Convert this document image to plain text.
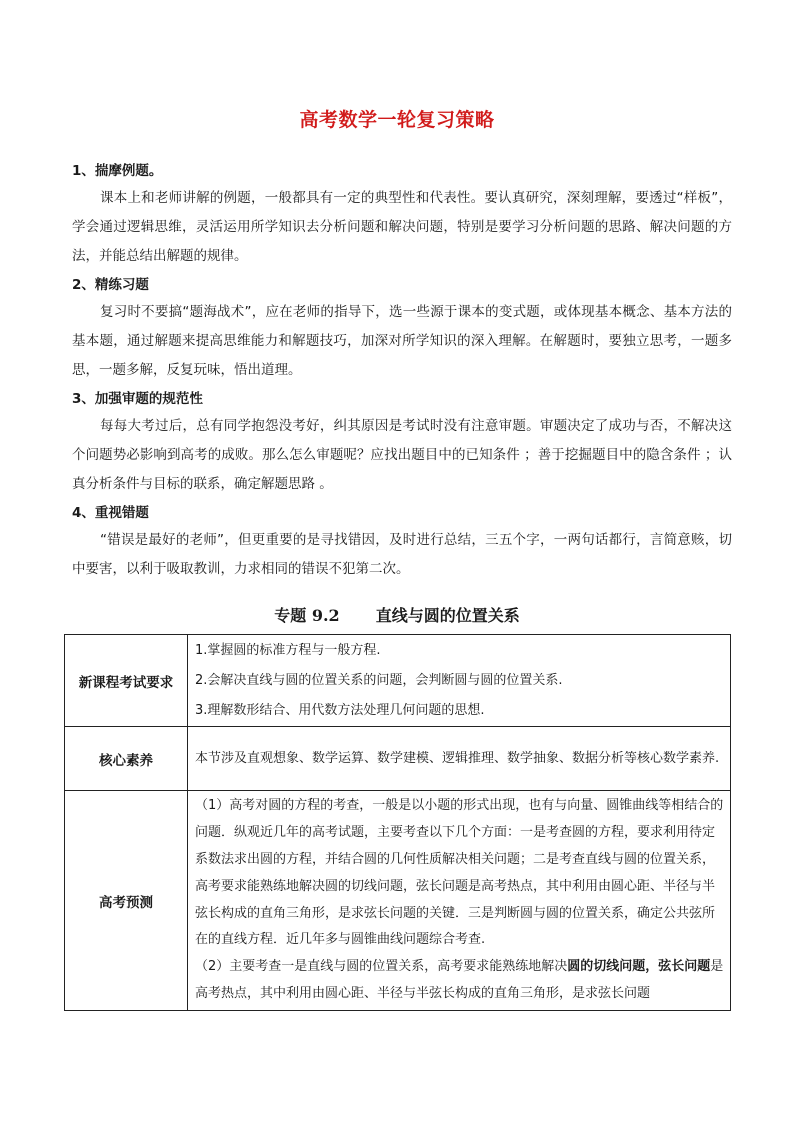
高考数学一轮复习策略
1、揣摩例题。
课本上和老师讲解的例题，一般都具有一定的典型性和代表性。要认真研究，深刻理解，要透过“样板”，学会通过逻辑思维，灵活运用所学知识去分析问题和解决问题，特别是要学习分析问题的思路、解决问题的方法，并能总结出解题的规律。
2、精练习题
复习时不要搞“题海战术”，应在老师的指导下，选一些源于课本的变式题，或体现基本概念、基本方法的基本题，通过解题来提高思维能力和解题技巧，加深对所学知识的深入理解。在解题时，要独立思考，一题多思，一题多解，反复玩味，悟出道理。
3、加强审题的规范性
每每大考过后，总有同学抱怨没考好，纠其原因是考试时没有注意审题。审题决定了成功与否，不解决这个问题势必影响到高考的成败。那么怎么审题呢？应找出题目中的已知条件 ；善于挖掘题目中的隐含条件 ；认真分析条件与目标的联系，确定解题思路 。
4、重视错题
“错误是最好的老师”，但更重要的是寻找错因，及时进行总结，三五个字，一两句话都行，言简意赅，切中要害，以利于吸取教训，力求相同的错误不犯第二次。
专题 9.2 直线与圆的位置关系
新课程考试要求	1.掌握圆的标准方程与一般方程.
2.会解决直线与圆的位置关系的问题，会判断圆与圆的位置关系.
3.理解数形结合、用代数方法处理几何问题的思想.

核心素养	本节涉及直观想象、数学运算、数学建模、逻辑推理、数学抽象、数据分析等核心数学素养.

高考预测	（1）高考对圆的方程的考查，一般是以小题的形式出现，也有与向量、圆锥曲线等相结合的问题．纵观近几年的高考试题，主要考查以下几个方面：一是考查圆的方程，要求利用待定系数法求出圆的方程，并结合圆的几何性质解决相关问题；二是考查直线与圆的位置关系，高考要求能熟练地解决圆的切线问题，弦长问题是高考热点，其中利用由圆心距、半径与半弦长构成的直角三角形，是求弦长问题的关键．三是判断圆与圆的位置关系，确定公共弦所在的直线方程．近几年多与圆锥曲线问题综合考查.
（2）主要考查一是直线与圆的位置关系，高考要求能熟练地解决圆的切线问题，弦长问题是高考热点，其中利用由圆心距、半径与半弦长构成的直角三角形，是求弦长问题
